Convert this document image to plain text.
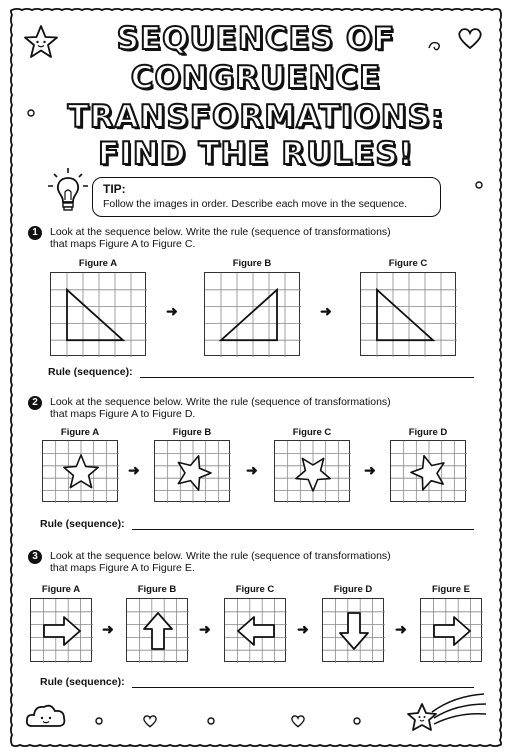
SEQUENCES OF
CONGRUENCE
TRANSFORMATIONS:
FIND THE RULES!
TIP:
Follow the images in order. Describe each move in the sequence.
1	Look at the sequence below. Write the rule (sequence of transformations)
that maps Figure A to Figure C.
Figure A	Figure B	Figure C
➜	➜
Rule (sequence):
2	Look at the sequence below. Write the rule (sequence of transformations)
that maps Figure A to Figure D.
Figure A	Figure B	Figure C	Figure D
➜	➜	➜
Rule (sequence):
3	Look at the sequence below. Write the rule (sequence of transformations)
that maps Figure A to Figure E.
Figure A	Figure B	Figure C	Figure D	Figure E
➜	➜	➜	➜
Rule (sequence):
